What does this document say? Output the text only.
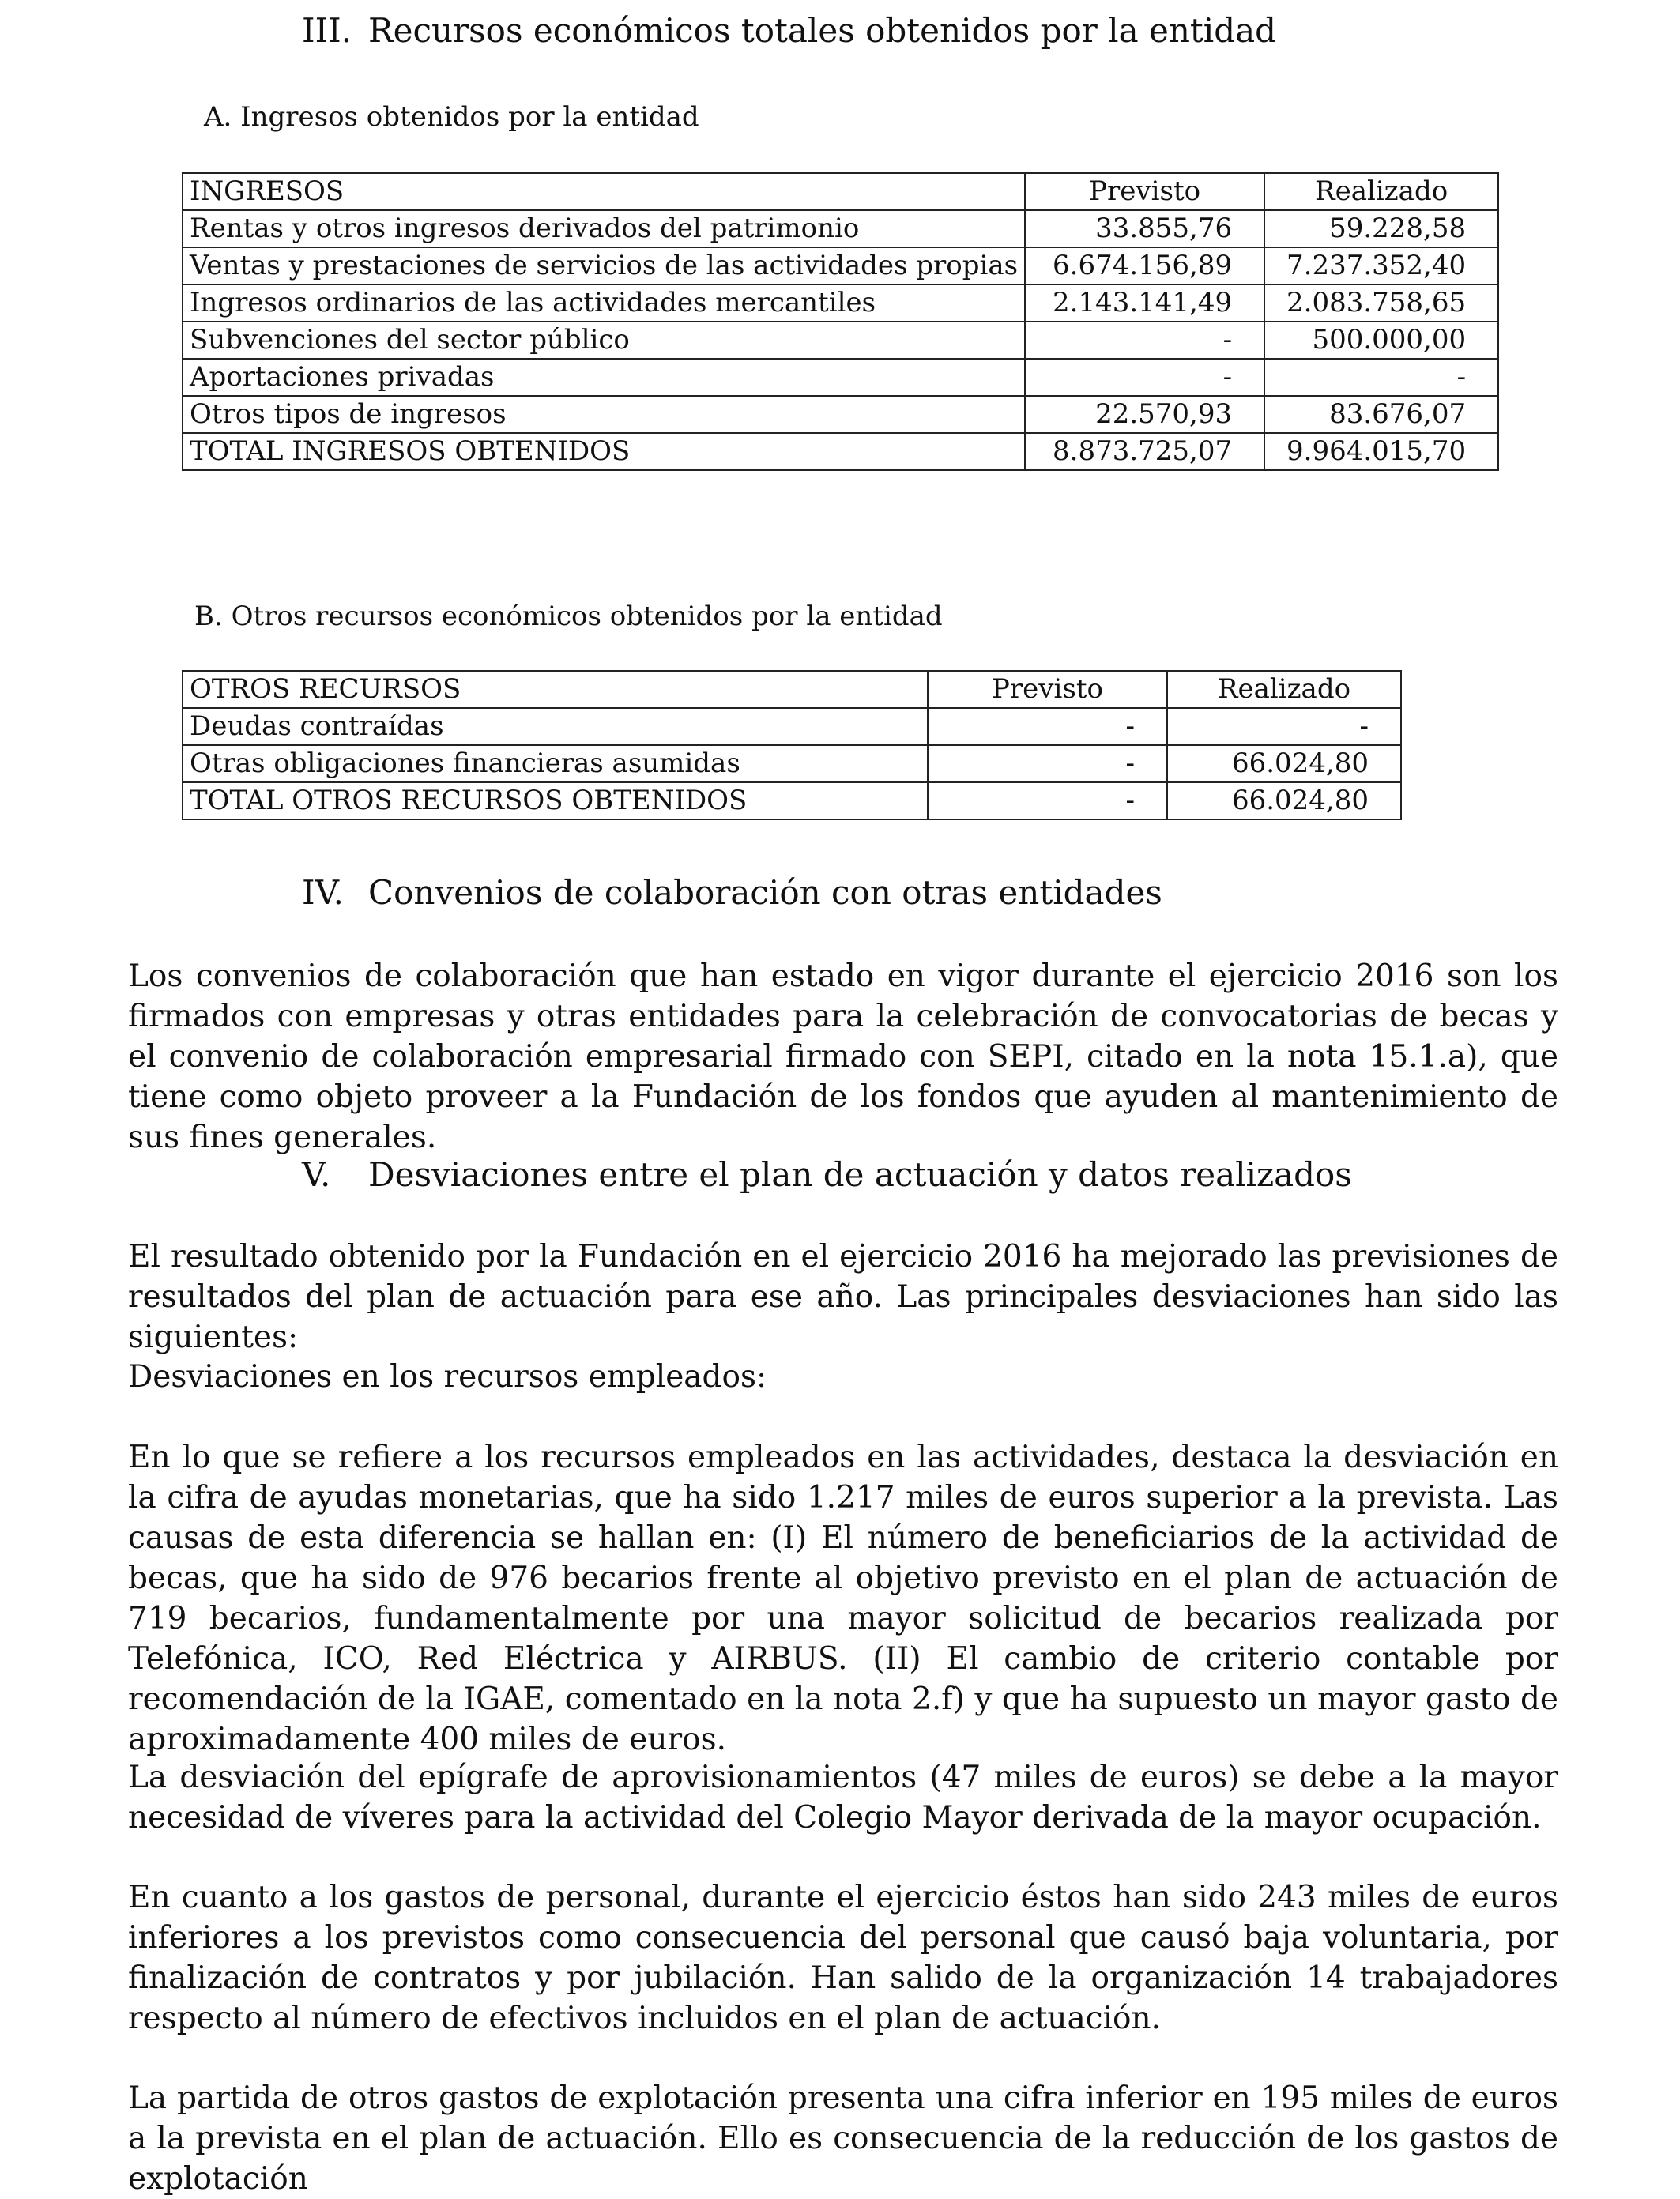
III. Recursos económicos totales obtenidos por la entidad

A. Ingresos obtenidos por la entidad

INGRESOS	Previsto	Realizado
Rentas y otros ingresos derivados del patrimonio	33.855,76	59.228,58
Ventas y prestaciones de servicios de las actividades propias	6.674.156,89	7.237.352,40
Ingresos ordinarios de las actividades mercantiles	2.143.141,49	2.083.758,65
Subvenciones del sector público	-	500.000,00
Aportaciones privadas	-	-
Otros tipos de ingresos	22.570,93	83.676,07
TOTAL INGRESOS OBTENIDOS	8.873.725,07	9.964.015,70

B. Otros recursos económicos obtenidos por la entidad

OTROS RECURSOS	Previsto	Realizado
Deudas contraídas	-	-
Otras obligaciones financieras asumidas	-	66.024,80
TOTAL OTROS RECURSOS OBTENIDOS	-	66.024,80
IV. Convenios de colaboración con otras entidades

Los convenios de colaboración que han estado en vigor durante el ejercicio 2016 son los firmados con empresas y otras entidades para la celebración de convocatorias de becas y el convenio de colaboración empresarial firmado con SEPI, citado en la nota 15.1.a), que tiene como objeto proveer a la Fundación de los fondos que ayuden al mantenimiento de sus fines generales.

V. Desviaciones entre el plan de actuación y datos realizados

El resultado obtenido por la Fundación en el ejercicio 2016 ha mejorado las previsiones de resultados del plan de actuación para ese año. Las principales desviaciones han sido las siguientes:

Desviaciones en los recursos empleados:

En lo que se refiere a los recursos empleados en las actividades, destaca la desviación en la cifra de ayudas monetarias, que ha sido 1.217 miles de euros superior a la prevista. Las causas de esta diferencia se hallan en: (I) El número de beneficiarios de la actividad de becas, que ha sido de 976 becarios frente al objetivo previsto en el plan de actuación de 719 becarios, fundamentalmente por una mayor solicitud de becarios realizada por Telefónica, ICO, Red Eléctrica y AIRBUS. (II) El cambio de criterio contable por recomendación de la IGAE, comentado en la nota 2.f) y que ha supuesto un mayor gasto de aproximadamente 400 miles de euros.

La desviación del epígrafe de aprovisionamientos (47 miles de euros) se debe a la mayor necesidad de víveres para la actividad del Colegio Mayor derivada de la mayor ocupación.

En cuanto a los gastos de personal, durante el ejercicio éstos han sido 243 miles de euros inferiores a los previstos como consecuencia del personal que causó baja voluntaria, por finalización de contratos y por jubilación. Han salido de la organización 14 trabajadores respecto al número de efectivos incluidos en el plan de actuación.

La partida de otros gastos de explotación presenta una cifra inferior en 195 miles de euros a la prevista en el plan de actuación. Ello es consecuencia de la reducción de los gastos de explotación
